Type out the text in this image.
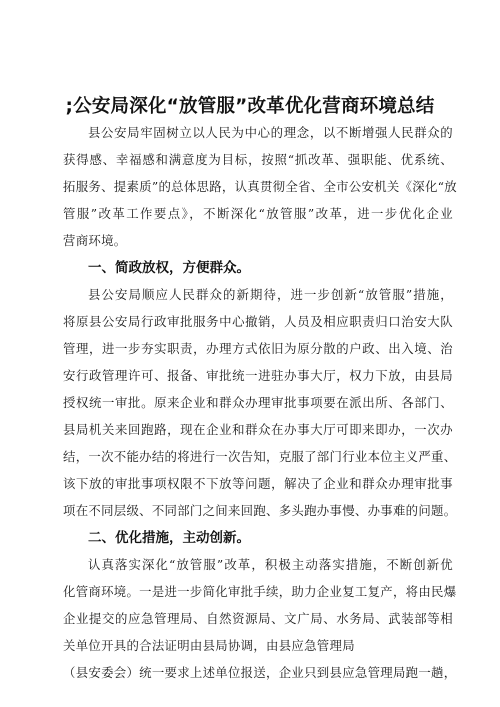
;公安局深化“放管服”改革优化营商环境总结
县公安局牢固树立以人民为中心的理念，以不断增强人民群众的
获得感、幸福感和满意度为目标，按照“抓改革、强职能、优系统、
拓服务、提素质”的总体思路，认真贯彻全省、全市公安机关《深化“放
管服”改革工作要点》，不断深化“放管服”改革，进一步优化企业
营商环境。
一、简政放权，方便群众。
县公安局顺应人民群众的新期待，进一步创新“放管服”措施，
将原县公安局行政审批服务中心撤销，人员及相应职责归口治安大队
管理，进一步夯实职责，办理方式依旧为原分散的户政、出入境、治
安行政管理许可、报备、审批统一进驻办事大厅，权力下放，由县局
授权统一审批。原来企业和群众办理审批事项要在派出所、各部门、
县局机关来回跑路，现在企业和群众在办事大厅可即来即办，一次办
结，一次不能办结的将进行一次告知，克服了部门行业本位主义严重、
该下放的审批事项权限不下放等问题，解决了企业和群众办理审批事
项在不同层级、不同部门之间来回跑、多头跑办事慢、办事难的问题。
二、优化措施，主动创新。
认真落实深化“放管服”改革，积极主动落实措施，不断创新优
化管商环境。一是进一步简化审批手续，助力企业复工复产，将由民爆
企业提交的应急管理局、自然资源局、文广局、水务局、武装部等相
关单位开具的合法证明由县局协调，由县应急管理局
（县安委会）统一要求上述单位报送，企业只到县应急管理局跑一趟，
